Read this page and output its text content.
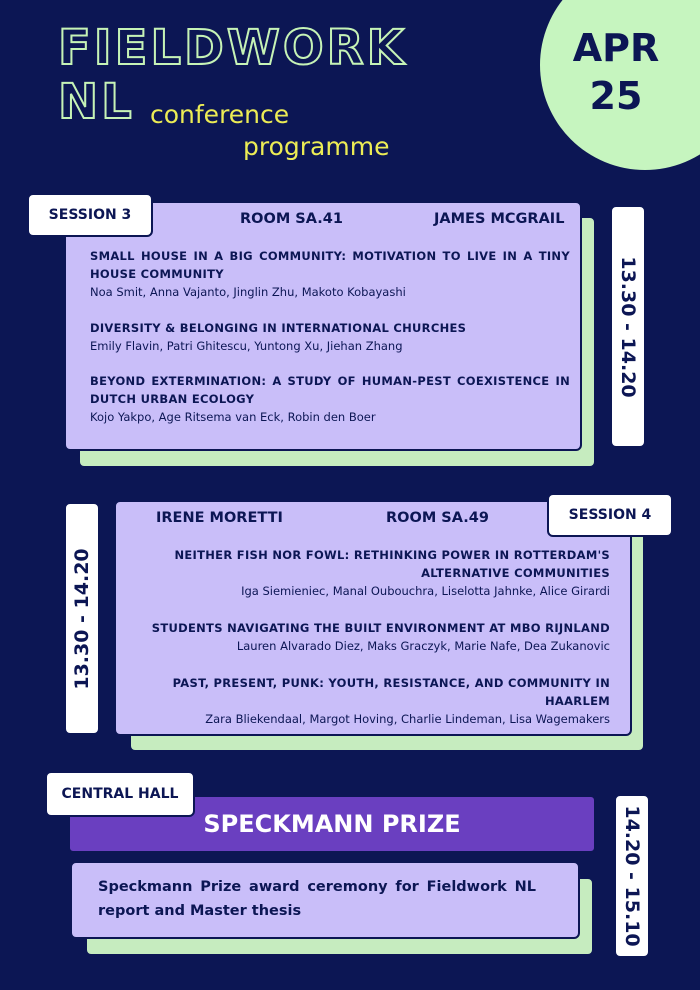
FIELDWORK
NL conference
programme
APR
25
ROOM SA.41	JAMES MCGRAIL
SMALL HOUSE IN A BIG COMMUNITY: MOTIVATION TO LIVE IN A TINY
HOUSE COMMUNITY
Noa Smit, Anna Vajanto, Jinglin Zhu, Makoto Kobayashi
DIVERSITY & BELONGING IN INTERNATIONAL CHURCHES
Emily Flavin, Patri Ghitescu, Yuntong Xu, Jiehan Zhang
BEYOND EXTERMINATION: A STUDY OF HUMAN-PEST COEXISTENCE IN
DUTCH URBAN ECOLOGY
Kojo Yakpo, Age Ritsema van Eck, Robin den Boer
SESSION 3
13.30 - 14.20
IRENE MORETTI	ROOM SA.49
NEITHER FISH NOR FOWL: RETHINKING POWER IN ROTTERDAM'S
ALTERNATIVE COMMUNITIES
Iga Siemieniec, Manal Oubouchra, Liselotta Jahnke, Alice Girardi
STUDENTS NAVIGATING THE BUILT ENVIRONMENT AT MBO RIJNLAND
Lauren Alvarado Diez, Maks Graczyk, Marie Nafe, Dea Zukanovic
PAST, PRESENT, PUNK: YOUTH, RESISTANCE, AND COMMUNITY IN HAARLEM
Zara Bliekendaal, Margot Hoving, Charlie Lindeman, Lisa Wagemakers
SESSION 4
13.30 - 14.20
SPECKMANN PRIZE
CENTRAL HALL
Speckmann Prize award ceremony for Fieldwork NL
report and Master thesis	14.20 - 15.10
